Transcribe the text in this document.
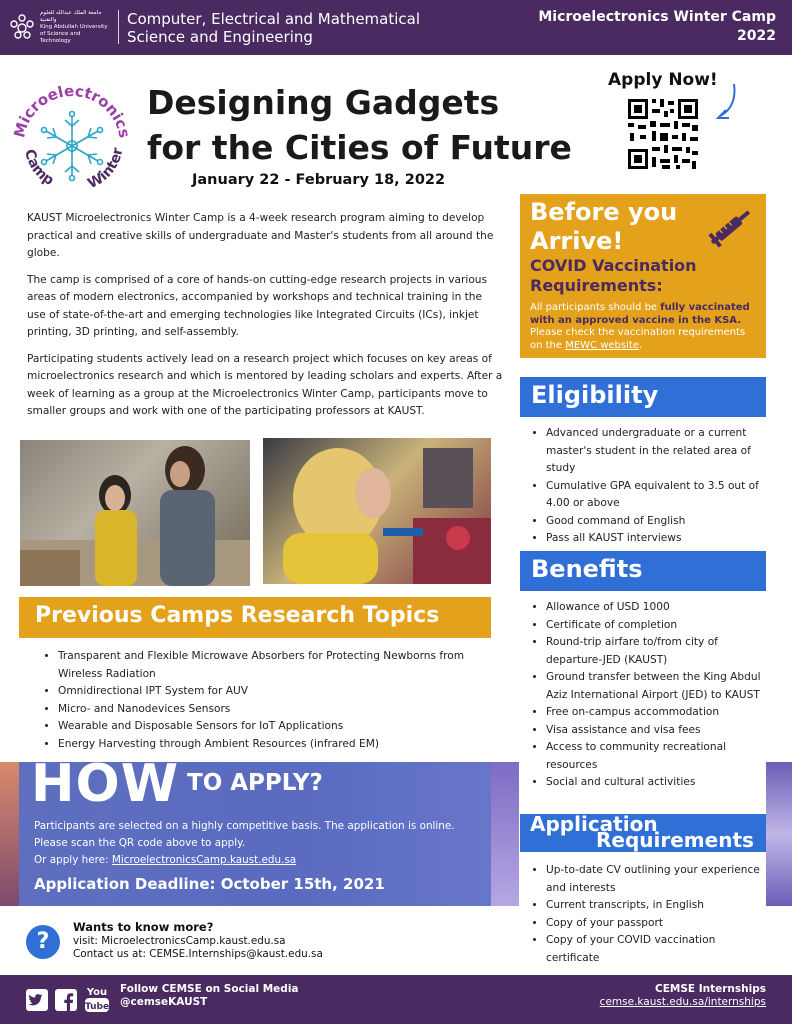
جامعة الملك عبدالله للعلوم والتقنية
King Abdullah University of Science and Technology
Computer, Electrical and Mathematical Science and Engineering
Microelectronics Winter Camp 2022
Microelectronics
Camp Winter
Designing Gadgets
for the Cities of Future
January 22 - February 18, 2022
Apply Now!

KAUST Microelectronics Winter Camp is a 4-week research program aiming to develop practical and creative skills of undergraduate and Master's students from all around the globe.

The camp is comprised of a core of hands-on cutting-edge research projects in various areas of modern electronics, accompanied by workshops and technical training in the use of state-of-the-art and emerging technologies like Integrated Circuits (ICs), inkjet printing, 3D printing, and self-assembly.

Participating students actively lead on a research project which focuses on key areas of microelectronics research and which is mentored by leading scholars and experts. After a week of learning as a group at the Microelectronics Winter Camp, participants move to smaller groups and work with one of the participating professors at KAUST.

Previous Camps Research Topics
• Transparent and Flexible Microwave Absorbers for Protecting Newborns from Wireless Radiation
• Omnidirectional IPT System for AUV
• Micro- and Nanodevices Sensors
• Wearable and Disposable Sensors for IoT Applications
• Energy Harvesting through Ambient Resources (infrared EM)
HOW TO APPLY?
Participants are selected on a highly competitive basis. The application is online.
Please scan the QR code above to apply.
Or apply here: MicroelectronicsCamp.kaust.edu.sa
Application Deadline: October 15th, 2021
?
Wants to know more?
visit: MicroelectronicsCamp.kaust.edu.sa
Contact us at: CEMSE.Internships@kaust.edu.sa
Before you Arrive!
COVID Vaccination Requirements:
All participants should be fully vaccinated with an approved vaccine in the KSA. Please check the vaccination requirements on the MEWC website.
Eligibility
• Advanced undergraduate or a current master's student in the related area of study
• Cumulative GPA equivalent to 3.5 out of 4.00 or above
• Good command of English
• Pass all KAUST interviews
Benefits
• Allowance of USD 1000
• Certificate of completion
• Round-trip airfare to/from city of departure-JED (KAUST)
• Ground transfer between the King Abdul Aziz International Airport (JED) to KAUST
• Free on-campus accommodation
• Visa assistance and visa fees
• Access to community recreational resources
• Social and cultural activities
Application
Requirements
• Up-to-date CV outlining your experience and interests
• Current transcripts, in English
• Copy of your passport
• Copy of your COVID vaccination certificate
You
Tube
Follow CEMSE on Social Media
@cemseKAUST
CEMSE Internships
cemse.kaust.edu.sa/internships
